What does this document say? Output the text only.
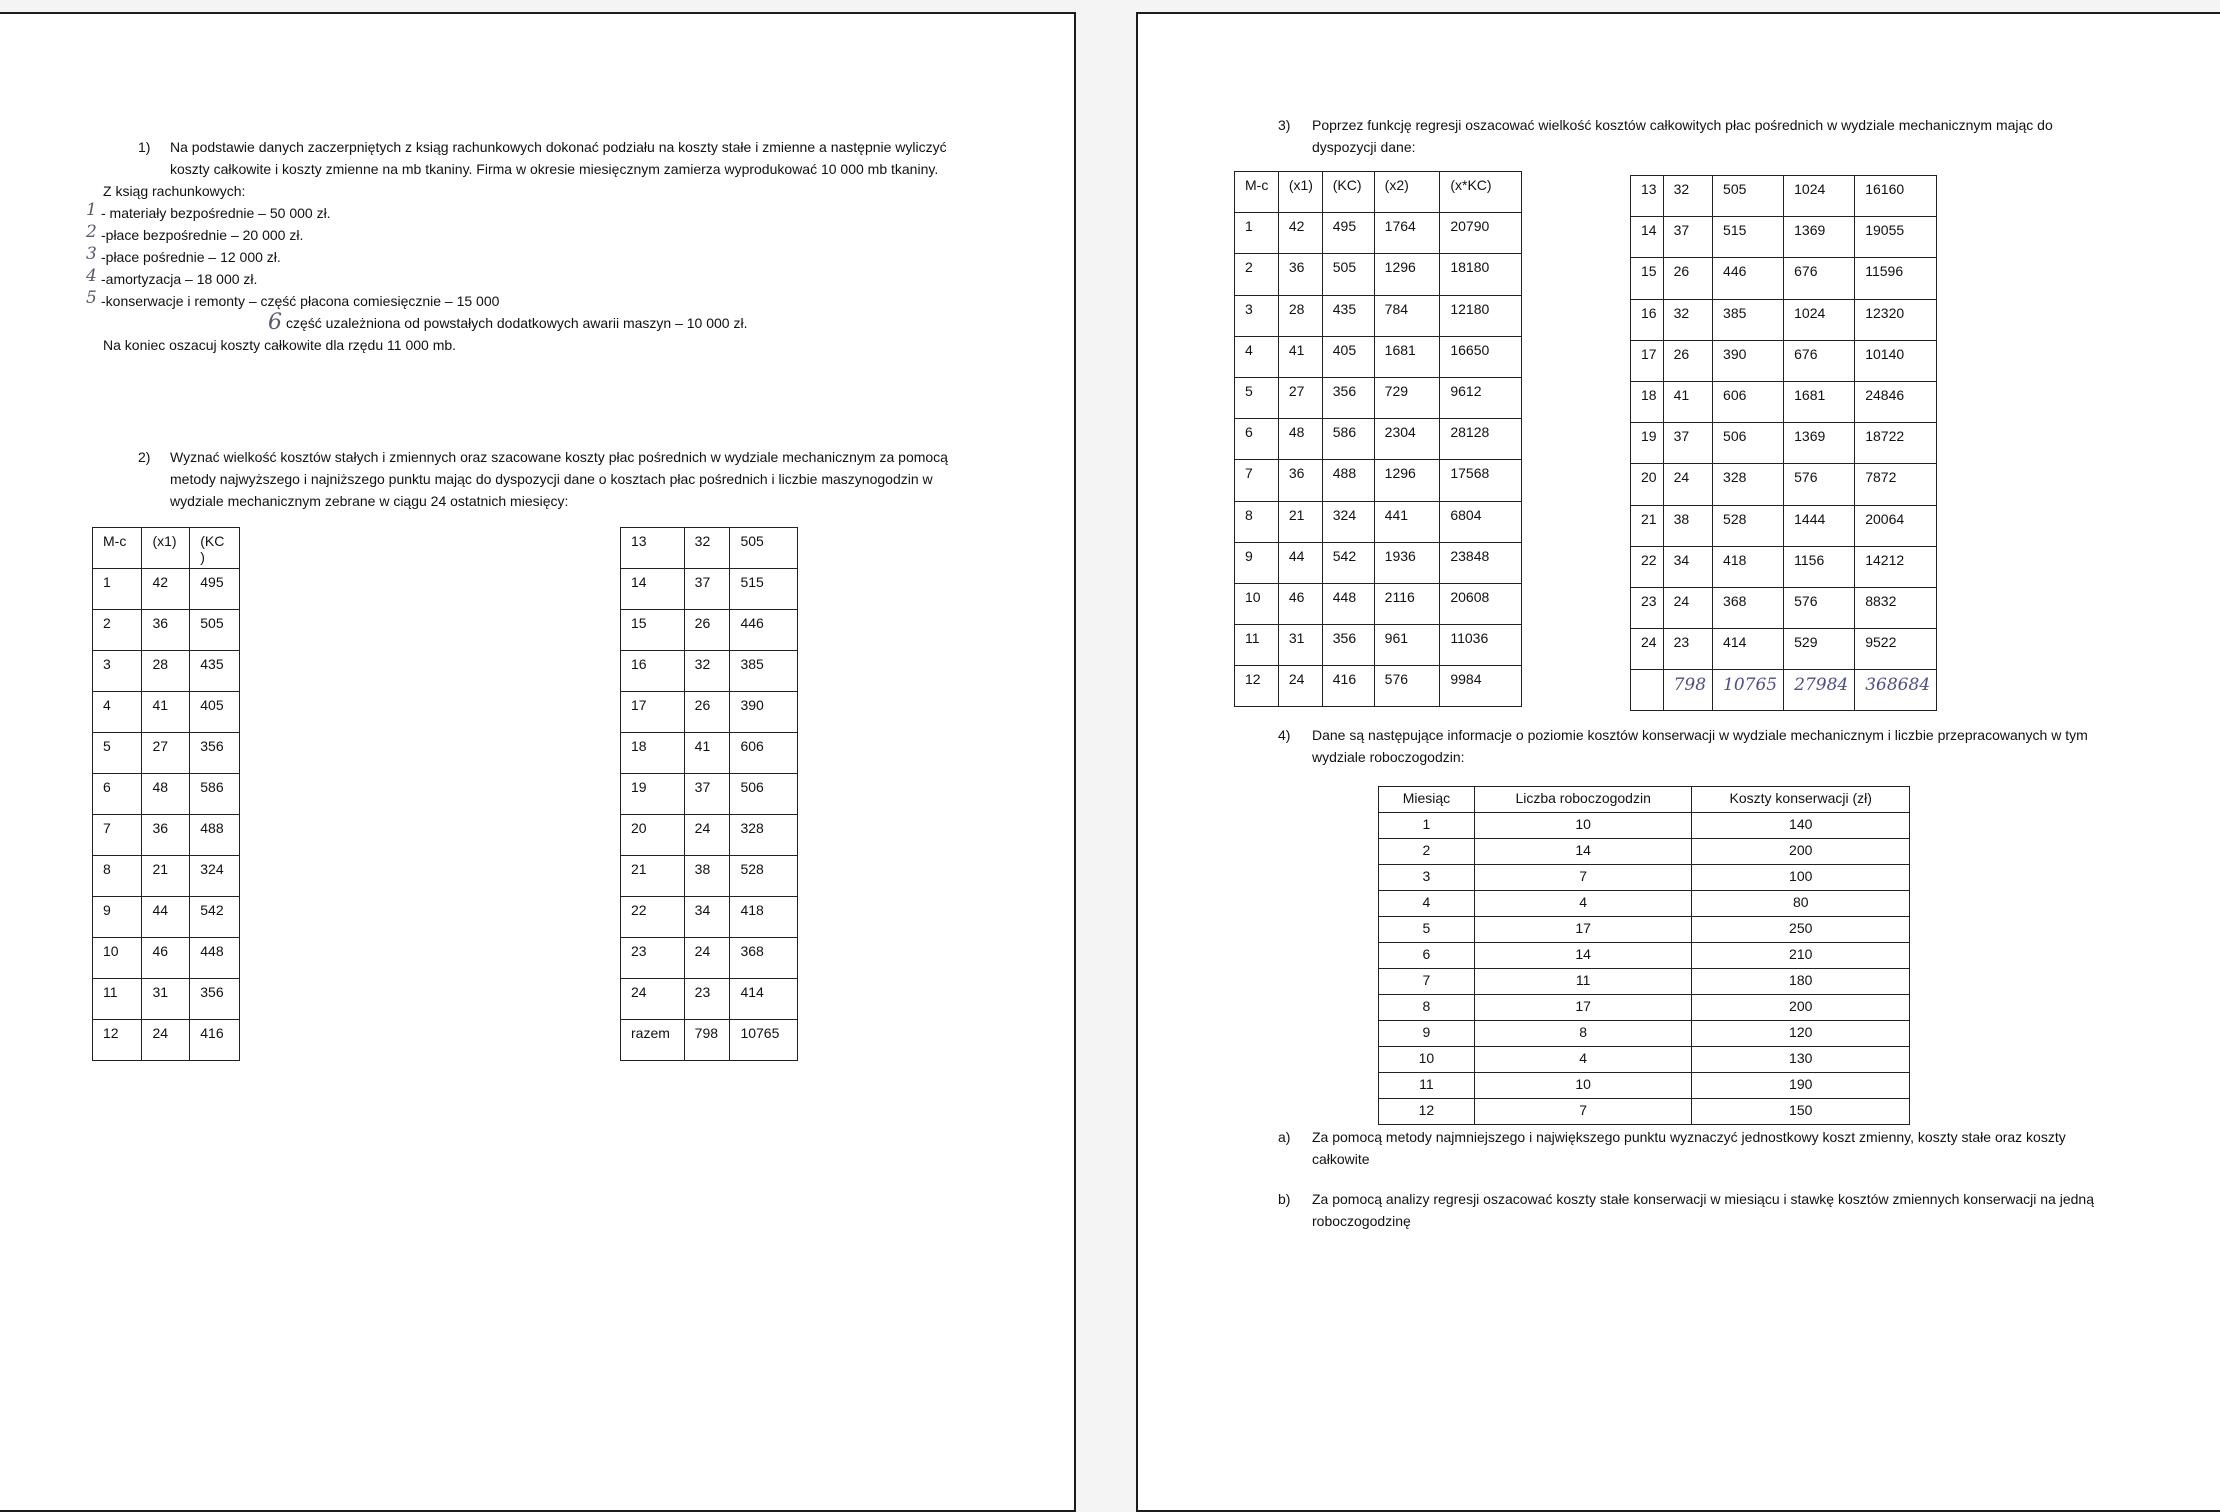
1) Na podstawie danych zaczerpniętych z ksiąg rachunkowych dokonać podziału na koszty stałe i zmienne a następnie wyliczyć
koszty całkowite i koszty zmienne na mb tkaniny. Firma w okresie miesięcznym zamierza wyprodukować 10 000 mb tkaniny.
Z ksiąg rachunkowych:
1 - materiały bezpośrednie – 50 000 zł.
2 -płace bezpośrednie – 20 000 zł.
3 -płace pośrednie – 12 000 zł.
4 -amortyzacja – 18 000 zł.
5 -konserwacje i remonty – część płacona comiesięcznie – 15 000
6 część uzależniona od powstałych dodatkowych awarii maszyn – 10 000 zł.
Na koniec oszacuj koszty całkowite dla rzędu 11 000 mb.
2) Wyznać wielkość kosztów stałych i zmiennych oraz szacowane koszty płac pośrednich w wydziale mechanicznym za pomocą
metody najwyższego i najniższego punktu mając do dyspozycji dane o kosztach płac pośrednich i liczbie maszynogodzin w
wydziale mechanicznym zebrane w ciągu 24 ostatnich miesięcy:
M-c	(x1)	(KC
)
1	42	495
2	36	505
3	28	435
4	41	405
5	27	356
6	48	586
7	36	488
8	21	324
9	44	542
10	46	448
11	31	356
12	24	416
13	32	505
14	37	515
15	26	446
16	32	385
17	26	390
18	41	606
19	37	506
20	24	328
21	38	528
22	34	418
23	24	368
24	23	414
razem	798	10765
3) Poprzez funkcję regresji oszacować wielkość kosztów całkowitych płac pośrednich w wydziale mechanicznym mając do
dyspozycji dane:
M-c	(x1)	(KC)	(x2)	(x*KC)
1	42	495	1764	20790
2	36	505	1296	18180
3	28	435	784	12180
4	41	405	1681	16650
5	27	356	729	9612
6	48	586	2304	28128
7	36	488	1296	17568
8	21	324	441	6804
9	44	542	1936	23848
10	46	448	2116	20608
11	31	356	961	11036
12	24	416	576	9984
13	32	505	1024	16160
14	37	515	1369	19055
15	26	446	676	11596
16	32	385	1024	12320
17	26	390	676	10140
18	41	606	1681	24846
19	37	506	1369	18722
20	24	328	576	7872
21	38	528	1444	20064
22	34	418	1156	14212
23	24	368	576	8832
24	23	414	529	9522
	798	10765	27984	368684
4) Dane są następujące informacje o poziomie kosztów konserwacji w wydziale mechanicznym i liczbie przepracowanych w tym
wydziale roboczogodzin:
Miesiąc	Liczba roboczogodzin	Koszty konserwacji (zł)
1	10	140
2	14	200
3	7	100
4	4	80
5	17	250
6	14	210
7	11	180
8	17	200
9	8	120
10	4	130
11	10	190
12	7	150
a) Za pomocą metody najmniejszego i największego punktu wyznaczyć jednostkowy koszt zmienny, koszty stałe oraz koszty
całkowite
b) Za pomocą analizy regresji oszacować koszty stałe konserwacji w miesiącu i stawkę kosztów zmiennych konserwacji na jedną
roboczogodzinę
